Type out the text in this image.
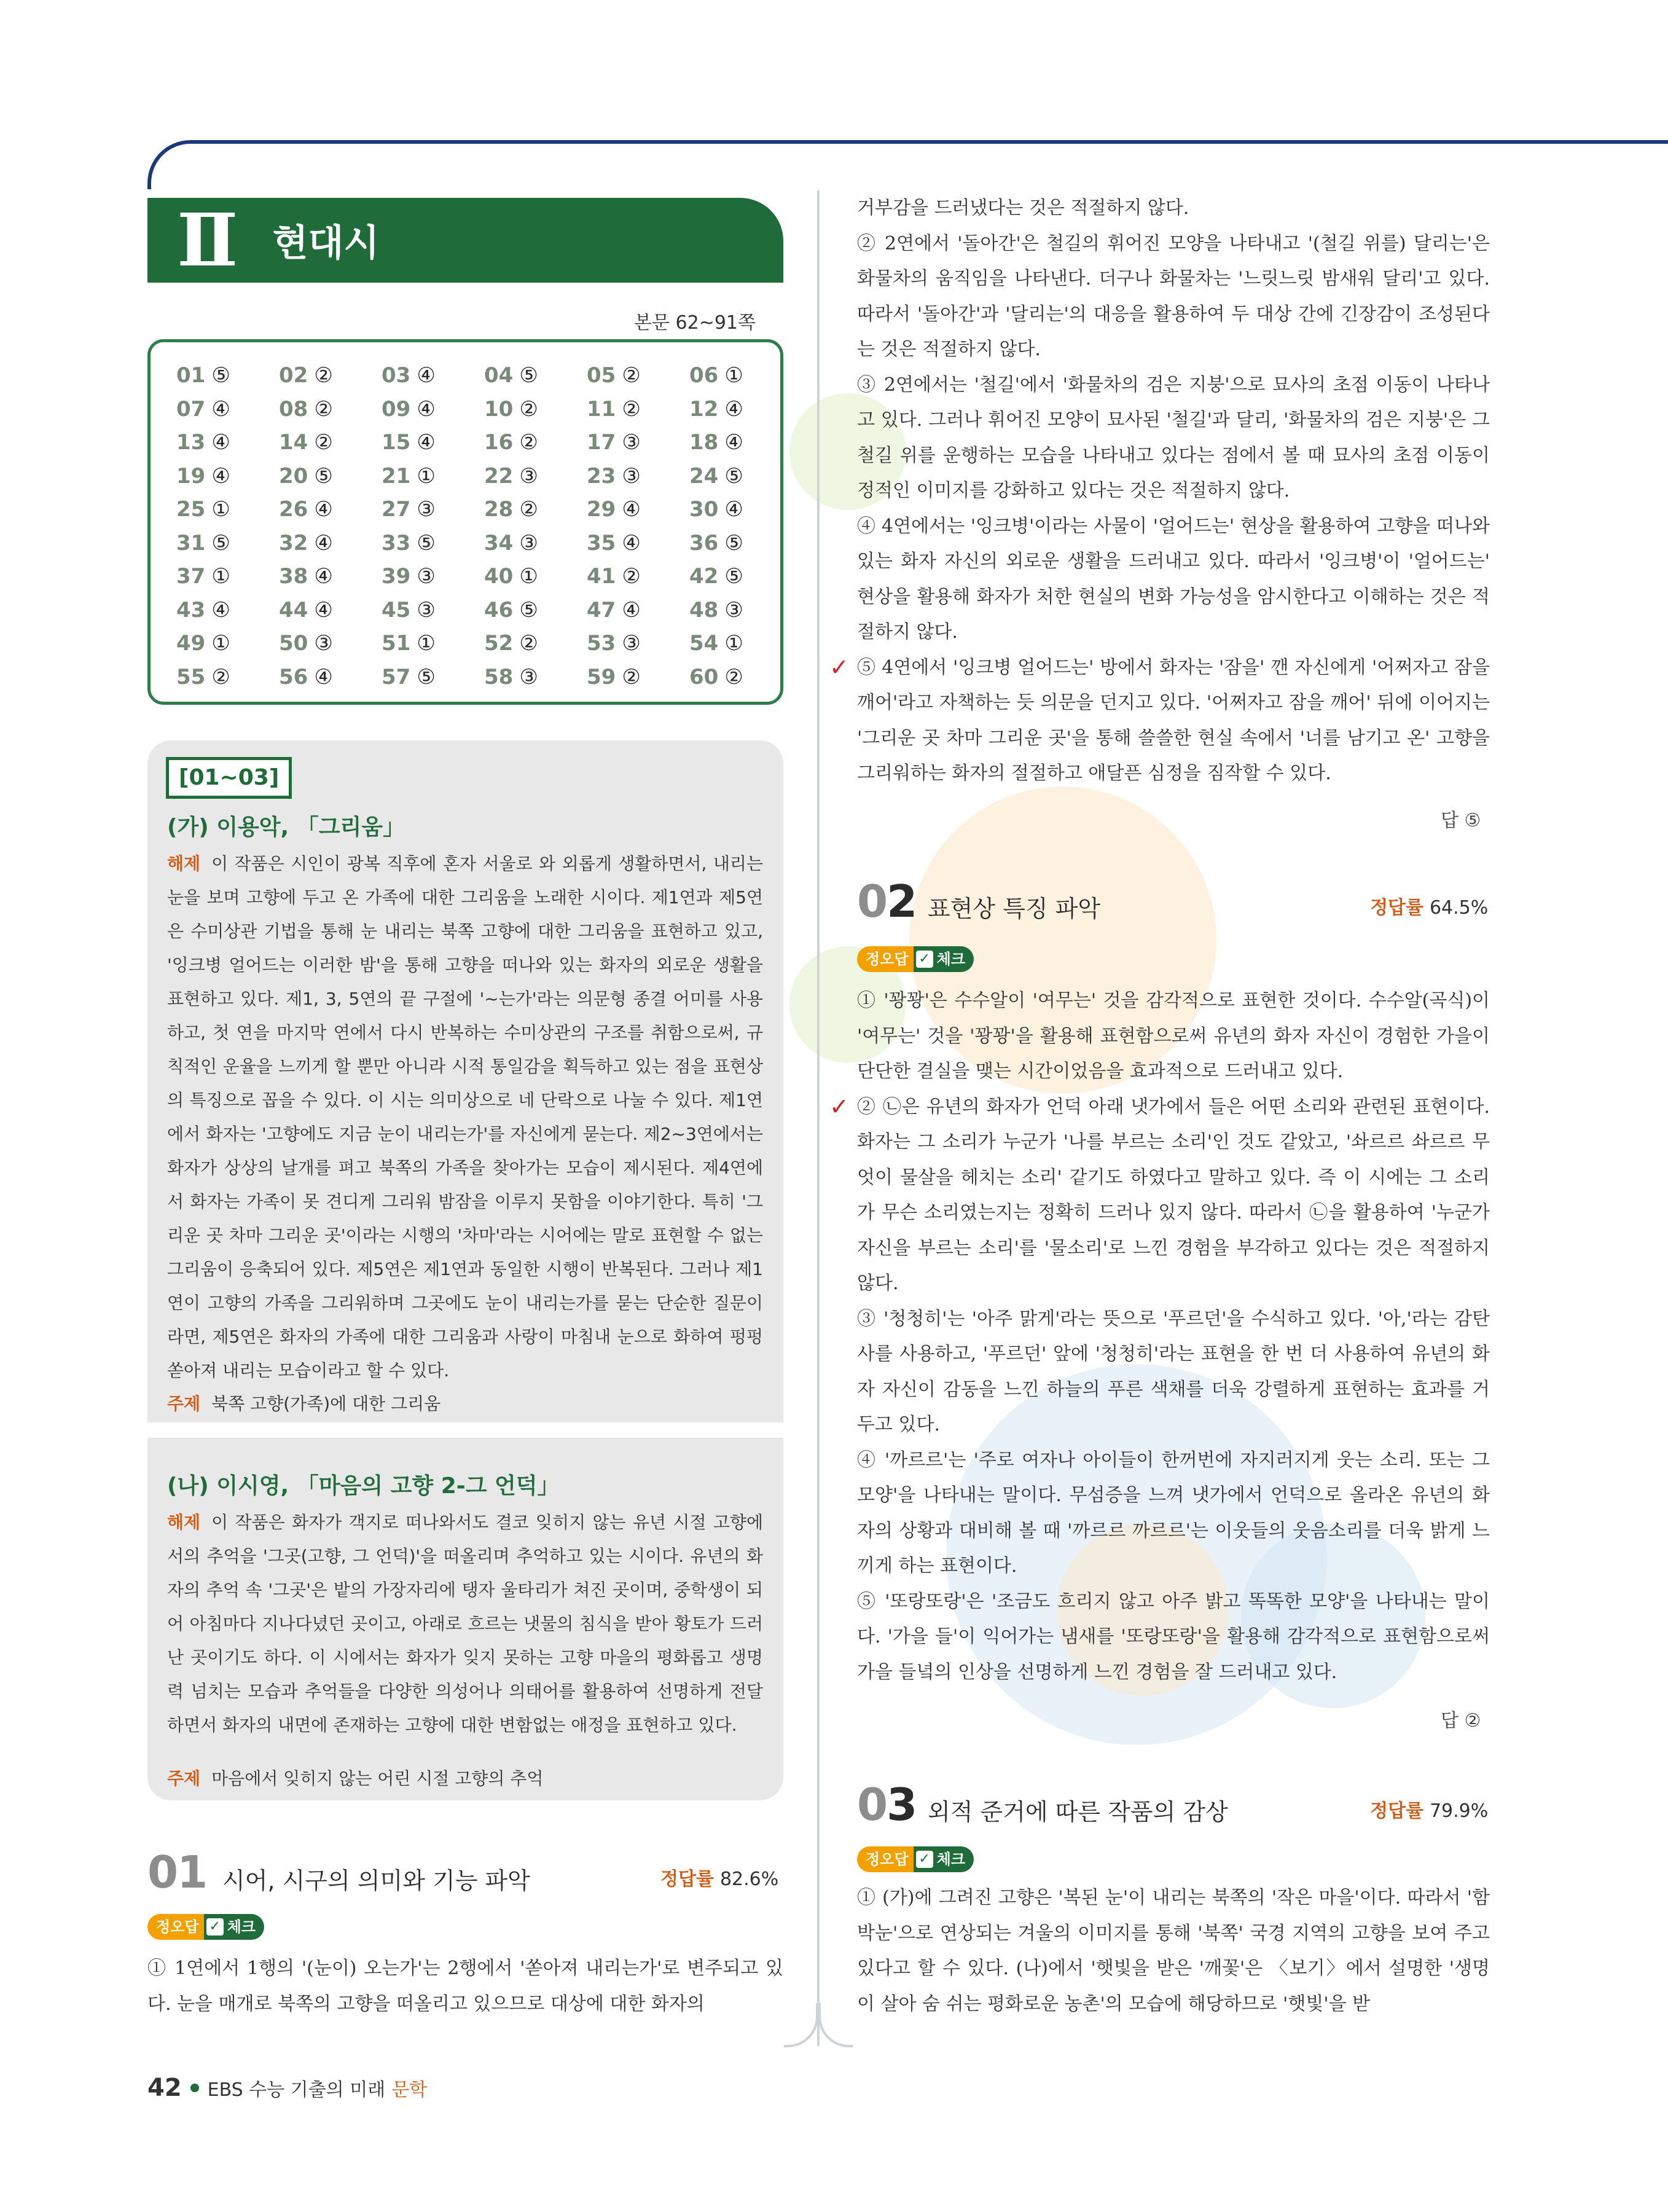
Ⅱ 현대시
본문 62~91쪽
01 ⑤	02 ②	03 ④	04 ⑤	05 ②	06 ①
07 ④	08 ②	09 ④	10 ②	11 ②	12 ④
13 ④	14 ②	15 ④	16 ②	17 ③	18 ④
19 ④	20 ⑤	21 ①	22 ③	23 ③	24 ⑤
25 ①	26 ④	27 ③	28 ②	29 ④	30 ④
31 ⑤	32 ④	33 ⑤	34 ③	35 ④	36 ⑤
37 ①	38 ④	39 ③	40 ①	41 ②	42 ⑤
43 ④	44 ④	45 ③	46 ⑤	47 ④	48 ③
49 ①	50 ③	51 ①	52 ②	53 ③	54 ①
55 ②	56 ④	57 ⑤	58 ③	59 ②	60 ②
[01~03]
(가) 이용악, 「그리움」
해제 이 작품은 시인이 광복 직후에 혼자 서울로 와 외롭게 생활하면서, 내리는 눈을 보며 고향에 두고 온 가족에 대한 그리움을 노래한 시이다. 제1연과 제5연은 수미상관 기법을 통해 눈 내리는 북쪽 고향에 대한 그리움을 표현하고 있고, '잉크병 얼어드는 이러한 밤'을 통해 고향을 떠나와 있는 화자의 외로운 생활을 표현하고 있다. 제1, 3, 5연의 끝 구절에 '~는가'라는 의문형 종결 어미를 사용하고, 첫 연을 마지막 연에서 다시 반복하는 수미상관의 구조를 취함으로써, 규칙적인 운율을 느끼게 할 뿐만 아니라 시적 통일감을 획득하고 있는 점을 표현상의 특징으로 꼽을 수 있다. 이 시는 의미상으로 네 단락으로 나눌 수 있다. 제1연에서 화자는 '고향에도 지금 눈이 내리는가'를 자신에게 묻는다. 제2~3연에서는 화자가 상상의 날개를 펴고 북쪽의 가족을 찾아가는 모습이 제시된다. 제4연에서 화자는 가족이 못 견디게 그리워 밤잠을 이루지 못함을 이야기한다. 특히 '그리운 곳 차마 그리운 곳'이라는 시행의 '차마'라는 시어에는 말로 표현할 수 없는 그리움이 응축되어 있다. 제5연은 제1연과 동일한 시행이 반복된다. 그러나 제1연이 고향의 가족을 그리워하며 그곳에도 눈이 내리는가를 묻는 단순한 질문이라면, 제5연은 화자의 가족에 대한 그리움과 사랑이 마침내 눈으로 화하여 펑펑 쏟아져 내리는 모습이라고 할 수 있다.
주제 북쪽 고향(가족)에 대한 그리움
(나) 이시영, 「마음의 고향 2-그 언덕」
해제 이 작품은 화자가 객지로 떠나와서도 결코 잊히지 않는 유년 시절 고향에서의 추억을 '그곳(고향, 그 언덕)'을 떠올리며 추억하고 있는 시이다. 유년의 화자의 추억 속 '그곳'은 밭의 가장자리에 탱자 울타리가 쳐진 곳이며, 중학생이 되어 아침마다 지나다녔던 곳이고, 아래로 흐르는 냇물의 침식을 받아 황토가 드러난 곳이기도 하다. 이 시에서는 화자가 잊지 못하는 고향 마을의 평화롭고 생명력 넘치는 모습과 추억들을 다양한 의성어나 의태어를 활용하여 선명하게 전달하면서 화자의 내면에 존재하는 고향에 대한 변함없는 애정을 표현하고 있다.
주제 마음에서 잊히지 않는 어린 시절 고향의 추억
01 시어, 시구의 의미와 기능 파악	정답률 82.6%
정오답 ✓ 체크
① 1연에서 1행의 '(눈이) 오는가'는 2행에서 '쏟아져 내리는가'로 변주되고 있다. 눈을 매개로 북쪽의 고향을 떠올리고 있으므로 대상에 대한 화자의

거부감을 드러냈다는 것은 적절하지 않다.

② 2연에서 '돌아간'은 철길의 휘어진 모양을 나타내고 '(철길 위를) 달리는'은 화물차의 움직임을 나타낸다. 더구나 화물차는 '느릿느릿 밤새워 달리'고 있다. 따라서 '돌아간'과 '달리는'의 대응을 활용하여 두 대상 간에 긴장감이 조성된다는 것은 적절하지 않다.

③ 2연에서는 '철길'에서 '화물차의 검은 지붕'으로 묘사의 초점 이동이 나타나고 있다. 그러나 휘어진 모양이 묘사된 '철길'과 달리, '화물차의 검은 지붕'은 그 철길 위를 운행하는 모습을 나타내고 있다는 점에서 볼 때 묘사의 초점 이동이 정적인 이미지를 강화하고 있다는 것은 적절하지 않다.

④ 4연에서는 '잉크병'이라는 사물이 '얼어드는' 현상을 활용하여 고향을 떠나와 있는 화자 자신의 외로운 생활을 드러내고 있다. 따라서 '잉크병'이 '얼어드는' 현상을 활용해 화자가 처한 현실의 변화 가능성을 암시한다고 이해하는 것은 적절하지 않다.

✓ ⑤ 4연에서 '잉크병 얼어드는' 방에서 화자는 '잠을' 깬 자신에게 '어쩌자고 잠을 깨어'라고 자책하는 듯 의문을 던지고 있다. '어쩌자고 잠을 깨어' 뒤에 이어지는 '그리운 곳 차마 그리운 곳'을 통해 쓸쓸한 현실 속에서 '너를 남기고 온' 고향을 그리워하는 화자의 절절하고 애달픈 심정을 짐작할 수 있다.

답 ⑤
02 표현상 특징 파악	정답률 64.5%
정오답 ✓ 체크

① '꽝꽝'은 수수알이 '여무는' 것을 감각적으로 표현한 것이다. 수수알(곡식)이 '여무는' 것을 '꽝꽝'을 활용해 표현함으로써 유년의 화자 자신이 경험한 가을이 단단한 결실을 맺는 시간이었음을 효과적으로 드러내고 있다.

✓ ② ㉡은 유년의 화자가 언덕 아래 냇가에서 들은 어떤 소리와 관련된 표현이다. 화자는 그 소리가 누군가 '나를 부르는 소리'인 것도 같았고, '솨르르 솨르르 무엇이 물살을 헤치는 소리' 같기도 하였다고 말하고 있다. 즉 이 시에는 그 소리가 무슨 소리였는지는 정확히 드러나 있지 않다. 따라서 ㉡을 활용하여 '누군가 자신을 부르는 소리'를 '물소리'로 느낀 경험을 부각하고 있다는 것은 적절하지 않다.

③ '청청히'는 '아주 맑게'라는 뜻으로 '푸르던'을 수식하고 있다. '아,'라는 감탄사를 사용하고, '푸르던' 앞에 '청청히'라는 표현을 한 번 더 사용하여 유년의 화자 자신이 감동을 느낀 하늘의 푸른 색채를 더욱 강렬하게 표현하는 효과를 거두고 있다.

④ '까르르'는 '주로 여자나 아이들이 한꺼번에 자지러지게 웃는 소리. 또는 그 모양'을 나타내는 말이다. 무섬증을 느껴 냇가에서 언덕으로 올라온 유년의 화자의 상황과 대비해 볼 때 '까르르 까르르'는 이웃들의 웃음소리를 더욱 밝게 느끼게 하는 표현이다.

⑤ '또랑또랑'은 '조금도 흐리지 않고 아주 밝고 똑똑한 모양'을 나타내는 말이다. '가을 들'이 익어가는 냄새를 '또랑또랑'을 활용해 감각적으로 표현함으로써 가을 들녘의 인상을 선명하게 느낀 경험을 잘 드러내고 있다.

답 ②
03 외적 준거에 따른 작품의 감상	정답률 79.9%
정오답 ✓ 체크
① (가)에 그려진 고향은 '복된 눈'이 내리는 북쪽의 '작은 마을'이다. 따라서 '함박눈'으로 연상되는 겨울의 이미지를 통해 '북쪽' 국경 지역의 고향을 보여 주고 있다고 할 수 있다. (나)에서 '햇빛을 받은 '깨꽃'은 〈보기〉에서 설명한 '생명이 살아 숨 쉬는 평화로운 농촌'의 모습에 해당하므로 '햇빛'을 받
42 EBS 수능 기출의 미래 문학
